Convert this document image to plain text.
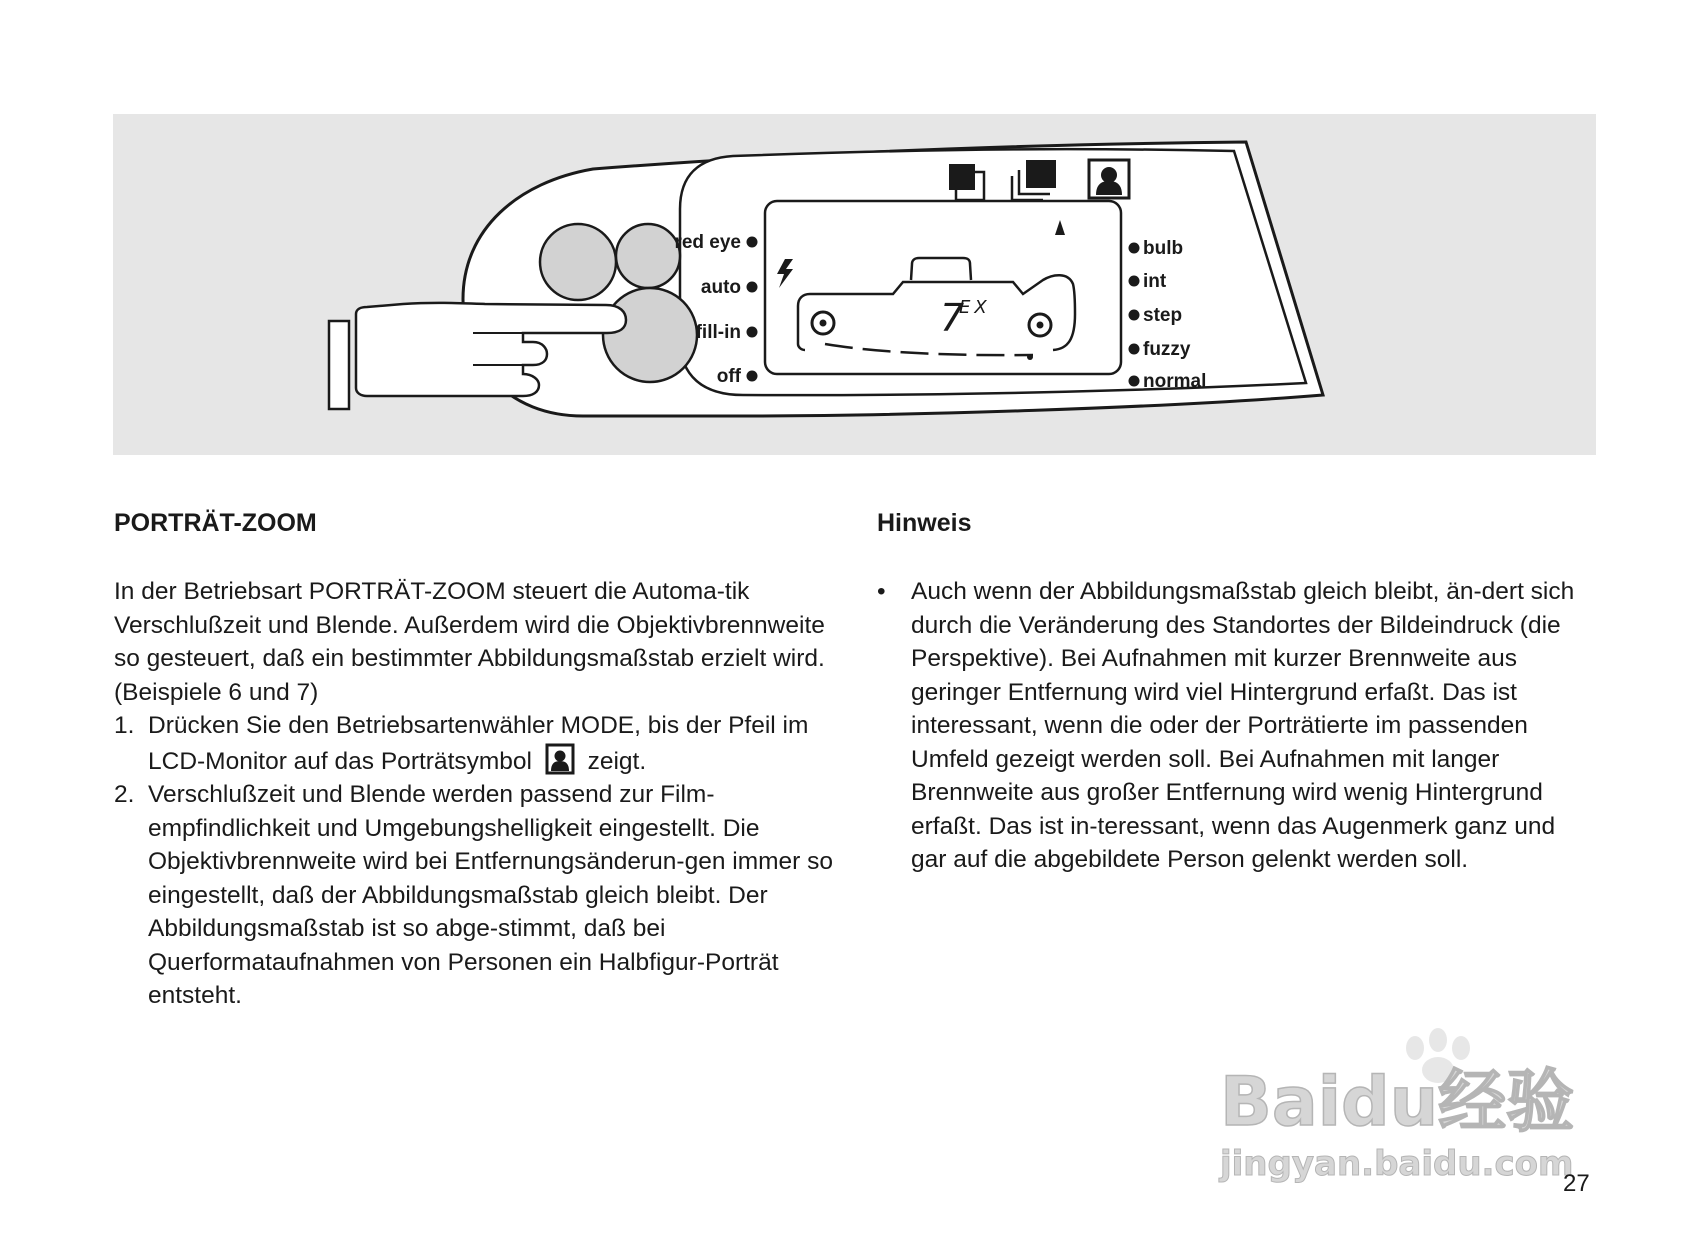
7
EX
red eye
auto
fill-in
off
bulb
int
step
fuzzy
normal
PORTRÄT-ZOOM

In der Betriebsart PORTRÄT-ZOOM steuert die Automa-tik Verschlußzeit und Blende. Außerdem wird die Objektivbrennweite so gesteuert, daß ein bestimmter Abbildungsmaßstab erzielt wird. (Beispiele 6 und 7)

1. Drücken Sie den Betriebsartenwähler MODE, bis der Pfeil im LCD-Monitor auf das Porträtsymbol zeigt.
2. Verschlußzeit und Blende werden passend zur Film-empfindlichkeit und Umgebungshelligkeit eingestellt. Die Objektivbrennweite wird bei Entfernungsänderun-gen immer so eingestellt, daß der Abbildungsmaßstab gleich bleibt. Der Abbildungsmaßstab ist so abge-stimmt, daß bei Querformataufnahmen von Personen ein Halbfigur-Porträt entsteht.
Hinweis
• Auch wenn der Abbildungsmaßstab gleich bleibt, än-dert sich durch die Veränderung des Standortes der Bildeindruck (die Perspektive). Bei Aufnahmen mit kurzer Brennweite aus geringer Entfernung wird viel Hintergrund erfaßt. Das ist interessant, wenn die oder der Porträtierte im passenden Umfeld gezeigt werden soll. Bei Aufnahmen mit langer Brennweite aus großer Entfernung wird wenig Hintergrund erfaßt. Das ist in-teressant, wenn das Augenmerk ganz und gar auf die abgebildete Person gelenkt werden soll.
Baidu经验
jingyan.baidu.com
27
